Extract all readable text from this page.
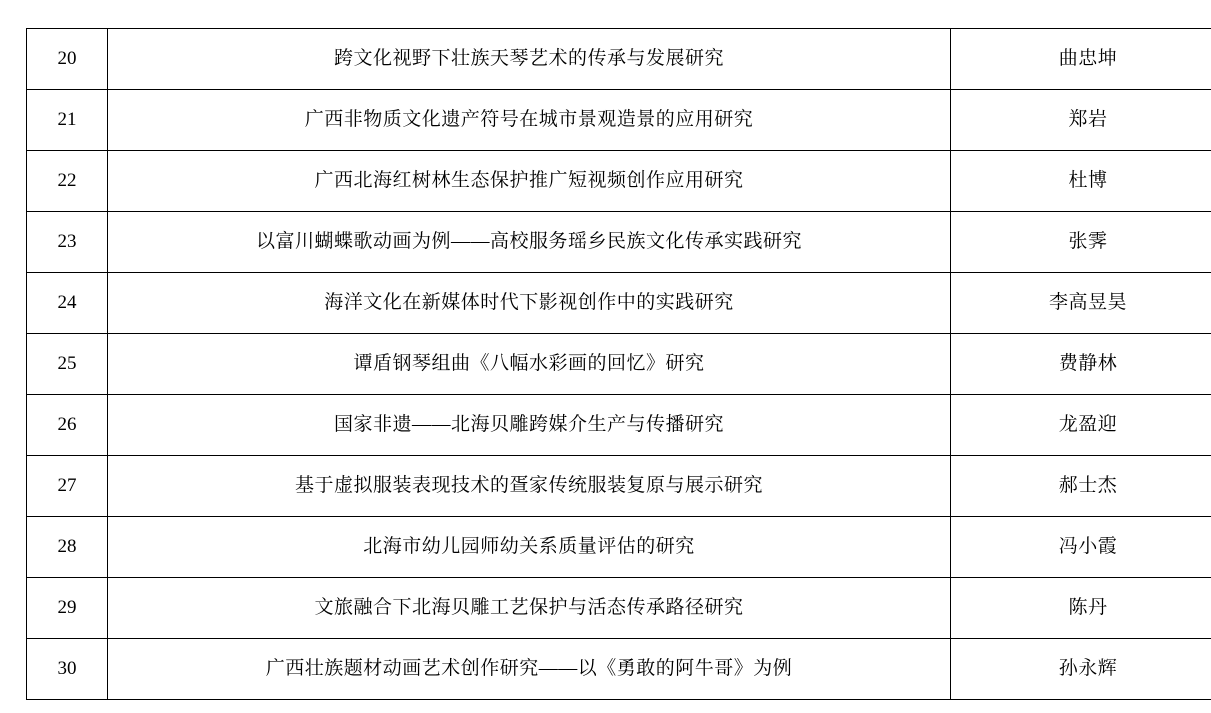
20	跨文化视野下壮族天琴艺术的传承与发展研究	曲忠坤
21	广西非物质文化遗产符号在城市景观造景的应用研究	郑岩
22	广西北海红树林生态保护推广短视频创作应用研究	杜博
23	以富川蝴蝶歌动画为例——高校服务瑶乡民族文化传承实践研究	张霁
24	海洋文化在新媒体时代下影视创作中的实践研究	李高昱昊
25	谭盾钢琴组曲《八幅水彩画的回忆》研究	费静林
26	国家非遗——北海贝雕跨媒介生产与传播研究	龙盈迎
27	基于虚拟服装表现技术的疍家传统服装复原与展示研究	郝士杰
28	北海市幼儿园师幼关系质量评估的研究	冯小霞
29	文旅融合下北海贝雕工艺保护与活态传承路径研究	陈丹
30	广西壮族题材动画艺术创作研究——以《勇敢的阿牛哥》为例	孙永辉
